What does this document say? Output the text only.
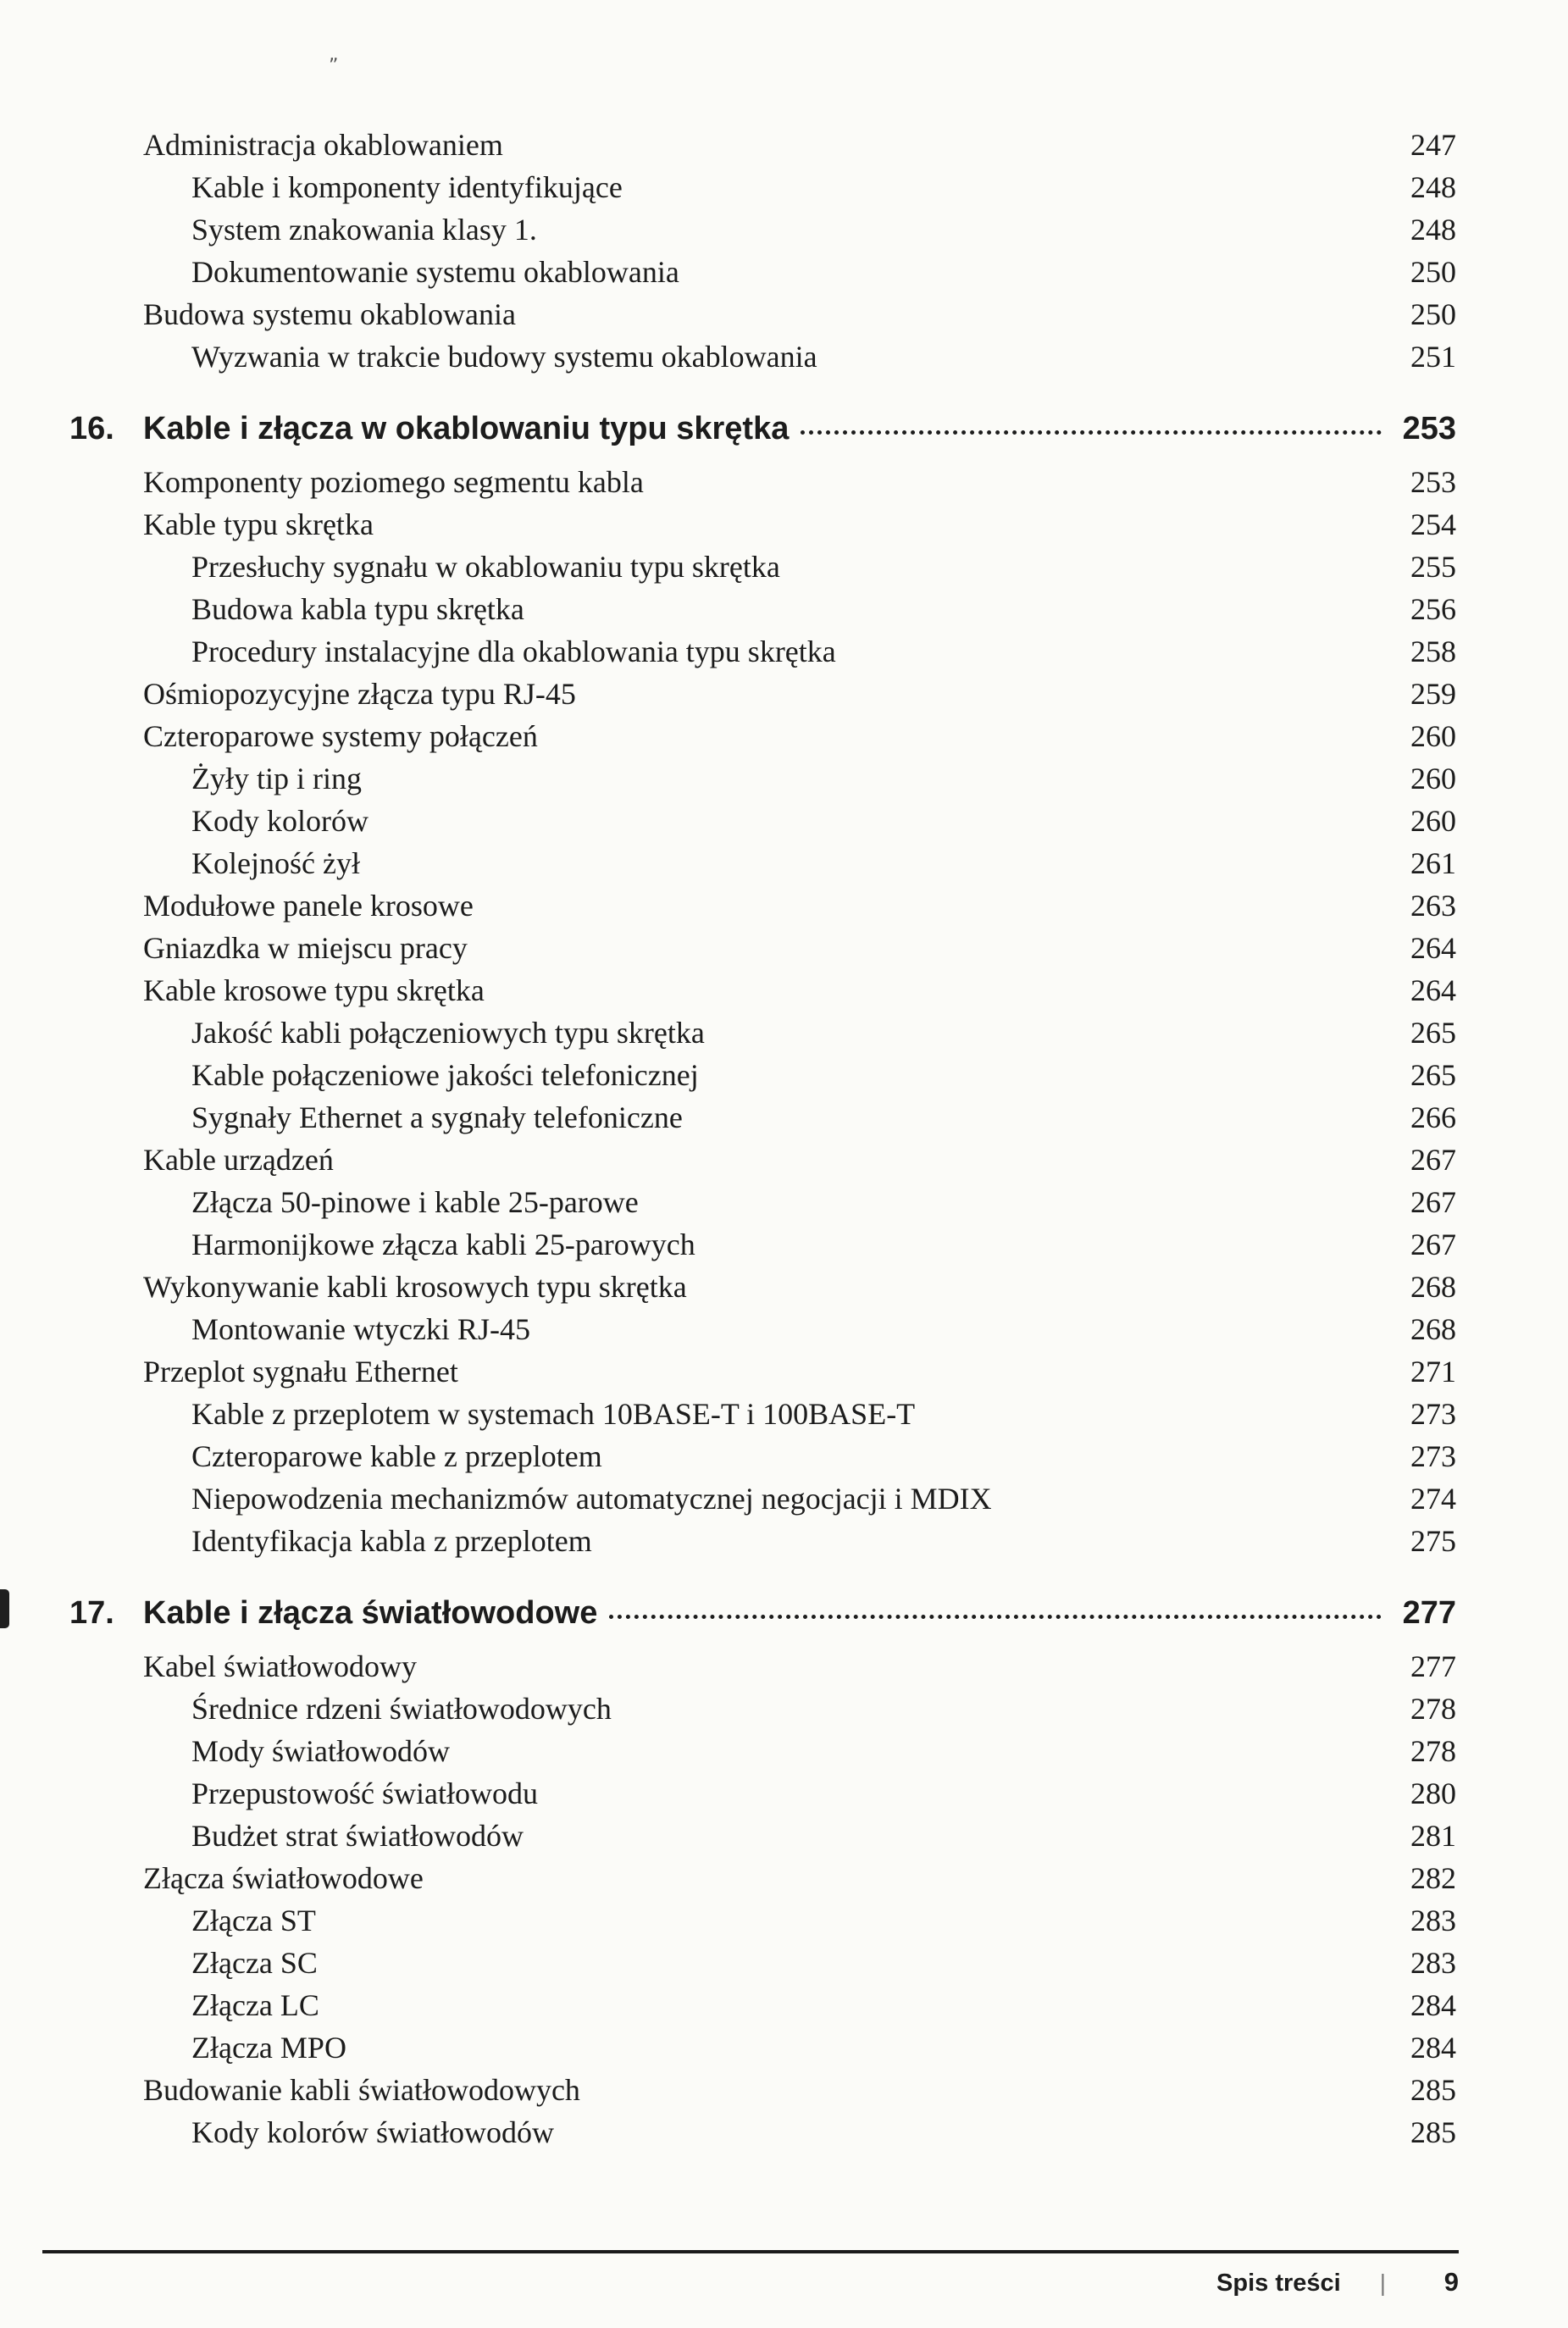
„
Administracja okablowaniem	247
Kable i komponenty identyfikujące	248
System znakowania klasy 1.	248
Dokumentowanie systemu okablowania	250
Budowa systemu okablowania	250
Wyzwania w trakcie budowy systemu okablowania	251
16. Kable i złącza w okablowaniu typu skrętka	253
Komponenty poziomego segmentu kabla	253
Kable typu skrętka	254
Przesłuchy sygnału w okablowaniu typu skrętka	255
Budowa kabla typu skrętka	256
Procedury instalacyjne dla okablowania typu skrętka	258
Ośmiopozycyjne złącza typu RJ-45	259
Czteroparowe systemy połączeń	260
Żyły tip i ring	260
Kody kolorów	260
Kolejność żył	261
Modułowe panele krosowe	263
Gniazdka w miejscu pracy	264
Kable krosowe typu skrętka	264
Jakość kabli połączeniowych typu skrętka	265
Kable połączeniowe jakości telefonicznej	265
Sygnały Ethernet a sygnały telefoniczne	266
Kable urządzeń	267
Złącza 50-pinowe i kable 25-parowe	267
Harmonijkowe złącza kabli 25-parowych	267
Wykonywanie kabli krosowych typu skrętka	268
Montowanie wtyczki RJ-45	268
Przeplot sygnału Ethernet	271
Kable z przeplotem w systemach 10BASE-T i 100BASE-T	273
Czteroparowe kable z przeplotem	273
Niepowodzenia mechanizmów automatycznej negocjacji i MDIX	274
Identyfikacja kabla z przeplotem	275
17. Kable i złącza światłowodowe	277
Kabel światłowodowy	277
Średnice rdzeni światłowodowych	278
Mody światłowodów	278
Przepustowość światłowodu	280
Budżet strat światłowodów	281
Złącza światłowodowe	282
Złącza ST	283
Złącza SC	283
Złącza LC	284
Złącza MPO	284
Budowanie kabli światłowodowych	285
Kody kolorów światłowodów	285
Spis treści |	9
